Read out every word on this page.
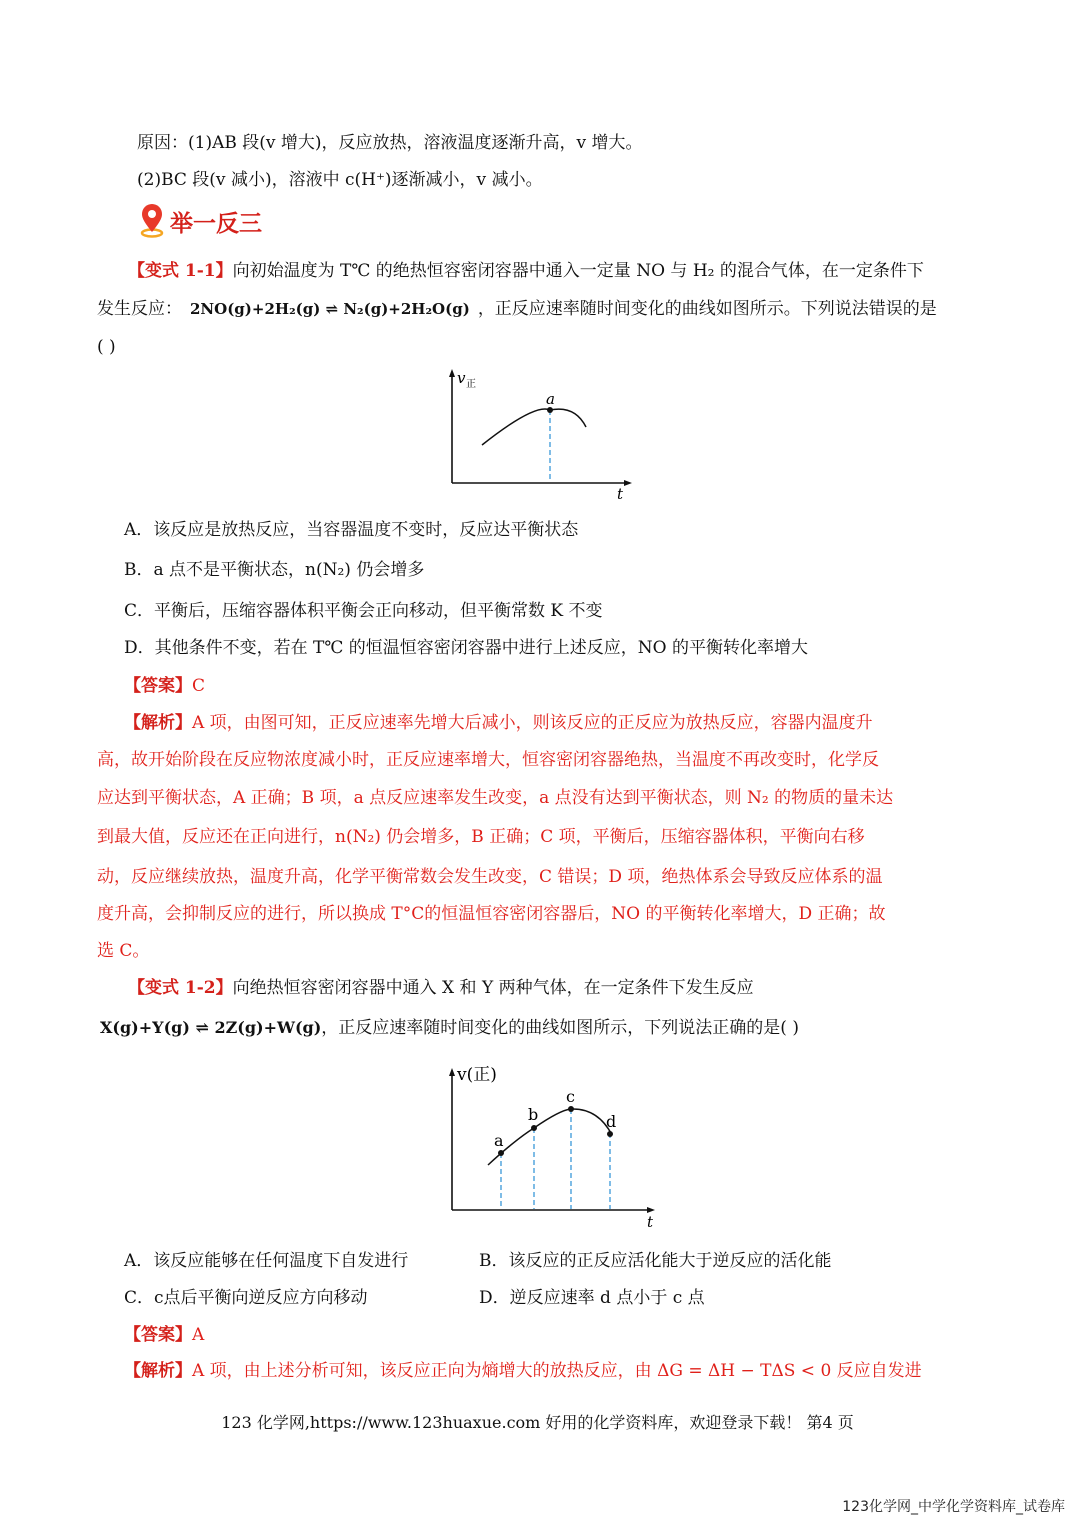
原因：(1)AB 段(v 增大)，反应放热，溶液温度逐渐升高，v 增大。
(2)BC 段(v 减小)，溶液中 c(H⁺)逐渐减小，v 减小。
举一反三
【变式 1-1】向初始温度为 T℃ 的绝热恒容密闭容器中通入一定量 NO 与 H₂ 的混合气体，在一定条件下
发生反应： 2NO(g)+2H₂(g) ⇌ N₂(g)+2H₂O(g) ，正反应速率随时间变化的曲线如图所示。下列说法错误的是
( )
v 正
t
a
A．该反应是放热反应，当容器温度不变时，反应达平衡状态
B．a 点不是平衡状态，n(N₂) 仍会增多
C．平衡后，压缩容器体积平衡会正向移动，但平衡常数 K 不变
D．其他条件不变，若在 T℃ 的恒温恒容密闭容器中进行上述反应，NO 的平衡转化率增大
【答案】C
【解析】A 项，由图可知，正反应速率先增大后减小，则该反应的正反应为放热反应，容器内温度升
高，故开始阶段在反应物浓度减小时，正反应速率增大，恒容密闭容器绝热，当温度不再改变时，化学反
应达到平衡状态，A 正确；B 项，a 点反应速率发生改变，a 点没有达到平衡状态，则 N₂ 的物质的量未达
到最大值，反应还在正向进行，n(N₂) 仍会增多，B 正确；C 项，平衡后，压缩容器体积，平衡向右移
动，反应继续放热，温度升高，化学平衡常数会发生改变，C 错误；D 项，绝热体系会导致反应体系的温
度升高，会抑制反应的进行，所以换成 T°C的恒温恒容密闭容器后，NO 的平衡转化率增大，D 正确；故
选 C。
【变式 1-2】向绝热恒容密闭容器中通入 X 和 Y 两种气体，在一定条件下发生反应
X(g)+Y(g) ⇌ 2Z(g)+W(g)，正反应速率随时间变化的曲线如图所示，下列说法正确的是( )
v(正)
t
a
b
c
d
A．该反应能够在任何温度下自发进行	B．该反应的正反应活化能大于逆反应的活化能
C．c点后平衡向逆反应方向移动	D．逆反应速率 d 点小于 c 点
【答案】A
【解析】A 项，由上述分析可知，该反应正向为熵增大的放热反应，由 ΔG = ΔH − TΔS < 0 反应自发进
123 化学网,https://www.123huaxue.com 好用的化学资料库，欢迎登录下载！ 第4 页
123化学网_中学化学资料库_试卷库
